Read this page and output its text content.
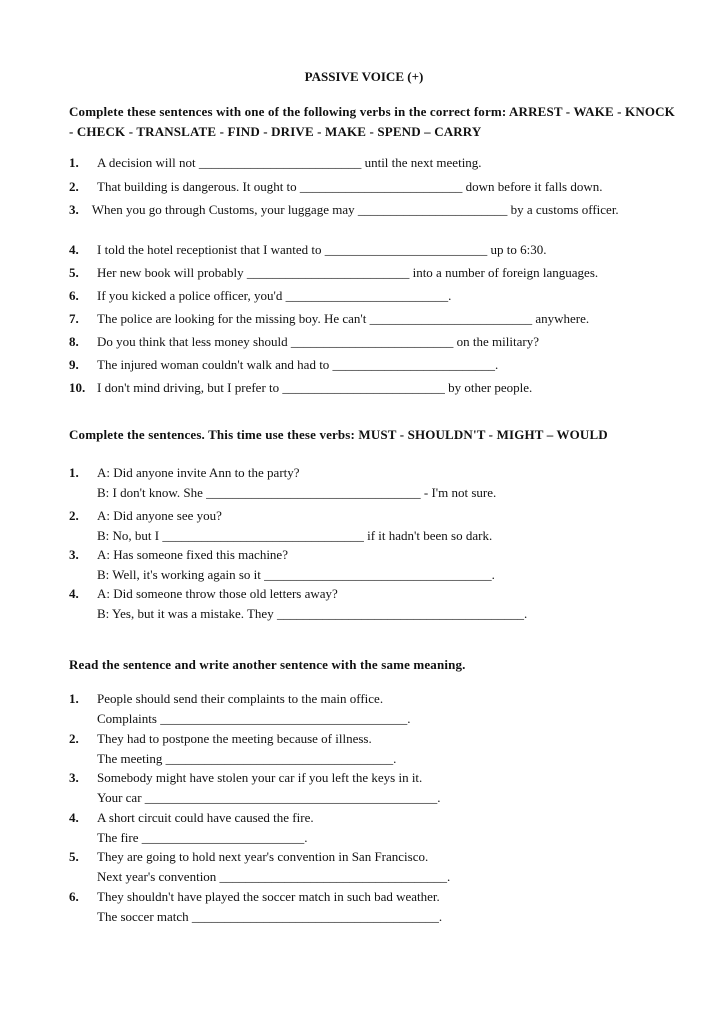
PASSIVE VOICE (+)
Complete these sentences with one of the following verbs in the correct form: ARREST - WAKE - KNOCK - CHECK - TRANSLATE - FIND - DRIVE - MAKE - SPEND – CARRY
1.	A decision will not _________________________ until the next meeting.
2.	That building is dangerous. It ought to _________________________ down before it falls down.
3. When you go through Customs, your luggage may _______________________ by a customs officer.
4.	I told the hotel receptionist that I wanted to _________________________ up to 6:30.
5.	Her new book will probably _________________________ into a number of foreign languages.
6.	If you kicked a police officer, you'd _________________________.
7.	The police are looking for the missing boy. He can't _________________________ anywhere.
8.	Do you think that less money should _________________________ on the military?
9.	The injured woman couldn't walk and had to _________________________.
10. I don't mind driving, but I prefer to _________________________ by other people.
Complete the sentences. This time use these verbs: MUST - SHOULDN'T - MIGHT – WOULD
1. A: Did anyone invite Ann to the party?
B: I don't know. She _________________________________ - I'm not sure.
2. A: Did anyone see you?
B: No, but I _______________________________ if it hadn't been so dark.
3. A: Has someone fixed this machine?
B: Well, it's working again so it ___________________________________.
4. A: Did someone throw those old letters away?
B: Yes, but it was a mistake. They ______________________________________.
Read the sentence and write another sentence with the same meaning.
1. People should send their complaints to the main office.
Complaints ______________________________________.
2. They had to postpone the meeting because of illness.
The meeting ___________________________________.
3. Somebody might have stolen your car if you left the keys in it.
Your car _____________________________________________.
4. A short circuit could have caused the fire.
The fire _________________________.
5. They are going to hold next year's convention in San Francisco.
Next year's convention ___________________________________.
6. They shouldn't have played the soccer match in such bad weather.
The soccer match ______________________________________.
